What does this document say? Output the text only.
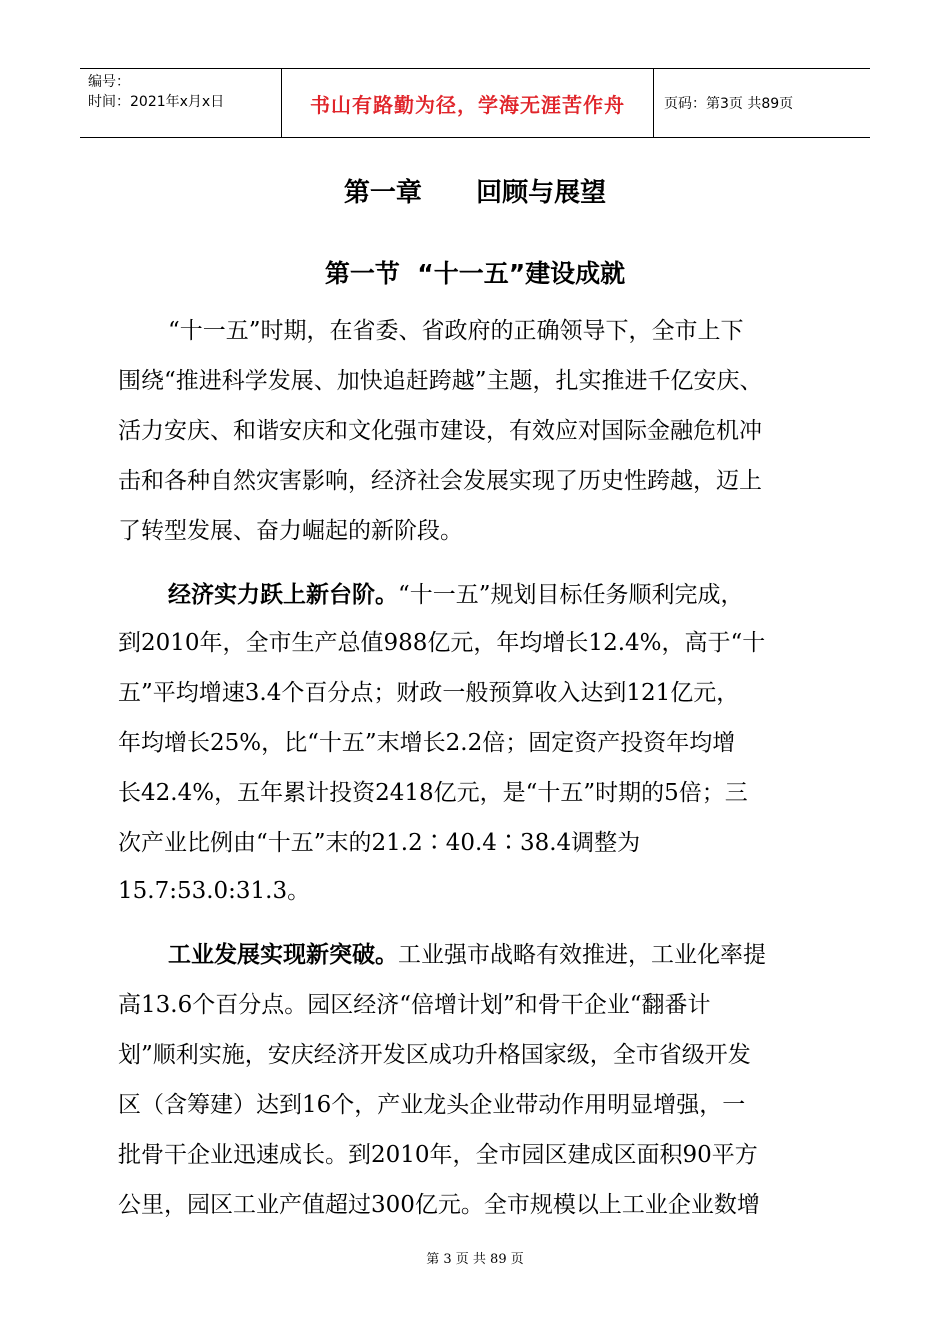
编号：
时间：2021年x月x日	书山有路勤为径，学海无涯苦作舟	页码：第3页 共89页
第一章      回顾与展望
第一节  “十一五”建设成就
“十一五”时期，在省委、省政府的正确领导下，全市上下
围绕“推进科学发展、加快追赶跨越”主题，扎实推进千亿安庆、
活力安庆、和谐安庆和文化强市建设，有效应对国际金融危机冲
击和各种自然灾害影响，经济社会发展实现了历史性跨越，迈上
了转型发展、奋力崛起的新阶段。
经济实力跃上新台阶。“十一五”规划目标任务顺利完成，
到2010年，全市生产总值988亿元，年均增长12.4%，高于“十
五”平均增速3.4个百分点；财政一般预算收入达到121亿元，
年均增长25%，比“十五”末增长2.2倍；固定资产投资年均增
长42.4%，五年累计投资2418亿元，是“十五”时期的5倍；三
次产业比例由“十五”末的21.2∶40.4∶38.4调整为
15.7:53.0:31.3。
工业发展实现新突破。工业强市战略有效推进，工业化率提
高13.6个百分点。园区经济“倍增计划”和骨干企业“翻番计
划”顺利实施，安庆经济开发区成功升格国家级，全市省级开发
区（含筹建）达到16个，产业龙头企业带动作用明显增强，一
批骨干企业迅速成长。到2010年，全市园区建成区面积90平方
公里，园区工业产值超过300亿元。全市规模以上工业企业数增
第 3 页 共 89 页
